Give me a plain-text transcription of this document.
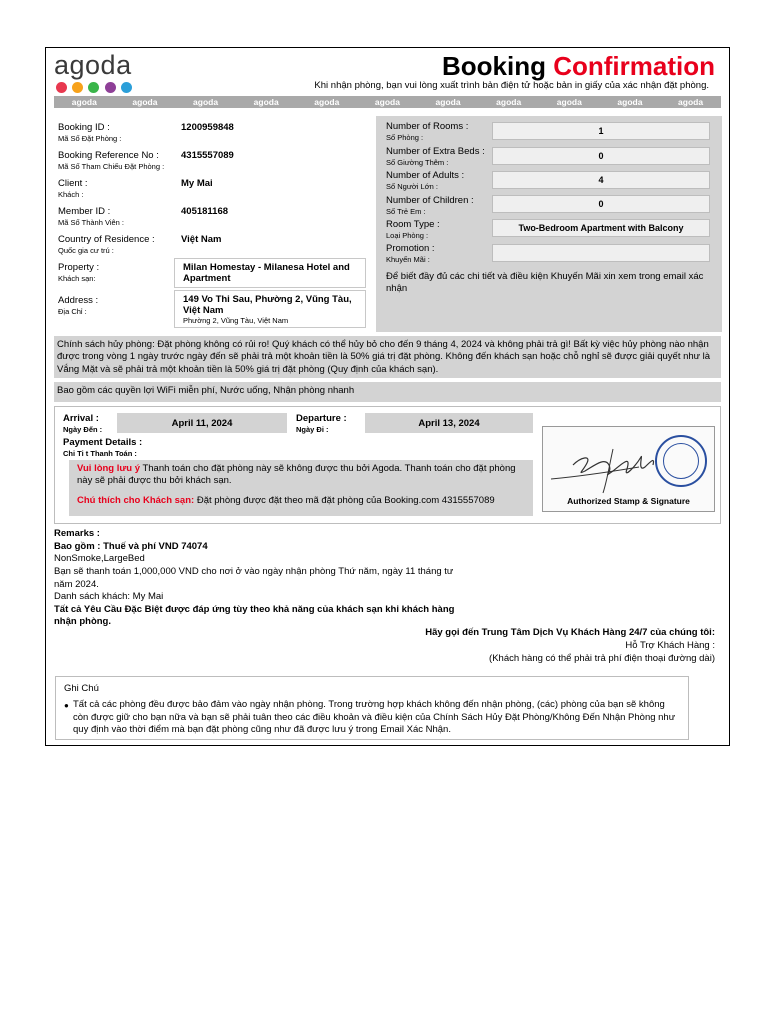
agoda	Booking Confirmation
Khi nhận phòng, bạn vui lòng xuất trình bản điện tử hoặc bản in giấy của xác nhận đặt phòng.
agoda	agoda	agoda	agoda	agoda	agoda	agoda	agoda	agoda	agoda	agoda
Booking ID :
Mã Số Đặt Phòng :
1200959848
Booking Reference No :
Mã Số Tham Chiếu Đặt Phòng :
4315557089
Client :
Khách :
My Mai
Member ID :
Mã Số Thành Viên :
405181168
Country of Residence :
Quốc gia cư trú :
Việt Nam
Property :
Khách sạn:
Milan Homestay - Milanesa Hotel and Apartment
Address :
Địa Chỉ :
149 Vo Thi Sau, Phường 2, Vũng Tàu, Việt Nam
Phường 2, Vũng Tàu, Việt Nam
Number of Rooms :
Số Phòng :
1
Number of Extra Beds :
Số Giường Thêm :
0
Number of Adults :
Số Người Lớn :
4
Number of Children :
Số Trẻ Em :
0
Room Type :
Loại Phòng :
Two-Bedroom Apartment with Balcony
Promotion :
Khuyến Mãi :
Để biết đầy đủ các chi tiết và điều kiện Khuyến Mãi xin xem trong email xác nhận
Chính sách hủy phòng: Đặt phòng không có rủi ro! Quý khách có thể hủy bỏ cho đến 9 tháng 4, 2024 và không phải trả gì! Bất kỳ việc hủy phòng nào nhận được trong vòng 1 ngày trước ngày đến sẽ phải trả một khoản tiền là 50% giá trị đặt phòng. Không đến khách sạn hoặc chỗ nghỉ sẽ được giải quyết như là Vắng Mặt và sẽ phải trả một khoản tiền là 50% giá trị đặt phòng (Quy định của khách sạn).
Bao gồm các quyền lợi WiFi miễn phí, Nước uống, Nhận phòng nhanh
Arrival :
Ngày Đến :
April 11, 2024	Departure :
Ngày Đi :
April 13, 2024
Payment Details :
Chi Ti t Thanh Toán :
Vui lòng lưu ý Thanh toán cho đặt phòng này sẽ không được thu bởi Agoda. Thanh toán cho đặt phòng này sẽ phải được thu bởi khách sạn.
Chú thích cho Khách sạn: Đặt phòng được đặt theo mã đặt phòng của Booking.com 4315557089	Authorized Stamp & Signature
Remarks :
Bao gồm : Thuế và phí VND 74074
NonSmoke,LargeBed
Bạn sẽ thanh toán 1,000,000 VND cho nơi ở vào ngày nhận phòng Thứ năm, ngày 11 tháng tư năm 2024.
Danh sách khách: My Mai
Tất cả Yêu Cầu Đặc Biệt được đáp ứng tùy theo khả năng của khách sạn khi khách hàng nhận phòng.
Hãy gọi đến Trung Tâm Dịch Vụ Khách Hàng 24/7 của chúng tôi:
Hỗ Trợ Khách Hàng :
(Khách hàng có thể phải trả phí điện thoại đường dài)
Ghi Chú
● Tất cả các phòng đều được bảo đảm vào ngày nhận phòng. Trong trường hợp khách không đến nhận phòng, (các) phòng của bạn sẽ không còn được giữ cho bạn nữa và bạn sẽ phải tuân theo các điều khoản và điều kiện của Chính Sách Hủy Đặt Phòng/Không Đến Nhận Phòng như quy định vào thời điểm mà bạn đặt phòng cũng như đã được lưu ý trong Email Xác Nhận.
